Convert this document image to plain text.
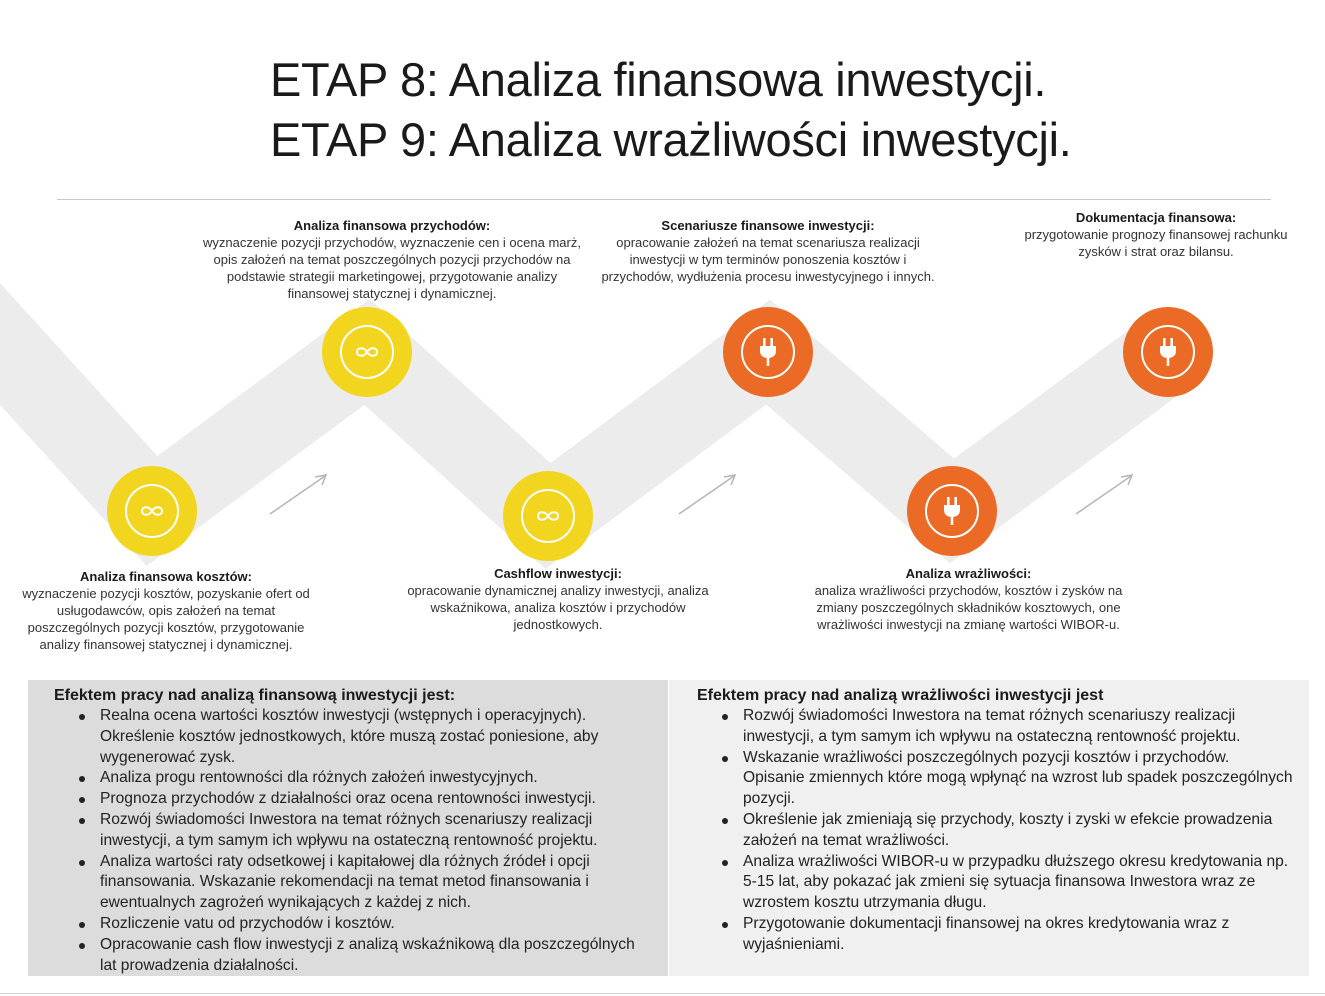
ETAP 8: Analiza finansowa inwestycji.
ETAP 9: Analiza wrażliwości inwestycji.
Analiza finansowa kosztów:
wyznaczenie pozycji kosztów, pozyskanie ofert od usługodawców, opis założeń na temat poszczególnych pozycji kosztów, przygotowanie analizy finansowej statycznej i dynamicznej.
Analiza finansowa przychodów:
wyznaczenie pozycji przychodów, wyznaczenie cen i ocena marż, opis założeń na temat poszczególnych pozycji przychodów na podstawie strategii marketingowej, przygotowanie analizy finansowej statycznej i dynamicznej.
Cashflow inwestycji:
opracowanie dynamicznej analizy inwestycji, analiza wskaźnikowa, analiza kosztów i przychodów jednostkowych.
Scenariusze finansowe inwestycji:
opracowanie założeń na temat scenariusza realizacji inwestycji w tym terminów ponoszenia kosztów i przychodów, wydłużenia procesu inwestycyjnego i innych.
Analiza wrażliwości:
analiza wrażliwości przychodów, kosztów i zysków na zmiany poszczególnych składników kosztowych, one wrażliwości inwestycji na zmianę wartości WIBOR-u.
Dokumentacja finansowa:
przygotowanie prognozy finansowej rachunku zysków i strat oraz bilansu.
Efektem pracy nad analizą finansową inwestycji jest:
Realna ocena wartości kosztów inwestycji (wstępnych i operacyjnych). Określenie kosztów jednostkowych, które muszą zostać poniesione, aby wygenerować zysk.
Analiza progu rentowności dla różnych założeń inwestycyjnych.
Prognoza przychodów z działalności oraz ocena rentowności inwestycji.
Rozwój świadomości Inwestora na temat różnych scenariuszy realizacji inwestycji, a tym samym ich wpływu na ostateczną rentowność projektu.
Analiza wartości raty odsetkowej i kapitałowej dla różnych źródeł i opcji finansowania. Wskazanie rekomendacji na temat metod finansowania i ewentualnych zagrożeń wynikających z każdej z nich.
Rozliczenie vatu od przychodów i kosztów.
Opracowanie cash flow inwestycji z analizą wskaźnikową dla poszczególnych lat prowadzenia działalności.
Efektem pracy nad analizą wrażliwości inwestycji jest
Rozwój świadomości Inwestora na temat różnych scenariuszy realizacji inwestycji, a tym samym ich wpływu na ostateczną rentowność projektu.
Wskazanie wrażliwości poszczególnych pozycji kosztów i przychodów. Opisanie zmiennych które mogą wpłynąć na wzrost lub spadek poszczególnych pozycji.
Określenie jak zmieniają się przychody, koszty i zyski w efekcie prowadzenia założeń na temat wrażliwości.
Analiza wrażliwości WIBOR-u w przypadku dłuższego okresu kredytowania np. 5-15 lat, aby pokazać jak zmieni się sytuacja finansowa Inwestora wraz ze wzrostem kosztu utrzymania długu.
Przygotowanie dokumentacji finansowej na okres kredytowania wraz z wyjaśnieniami.
